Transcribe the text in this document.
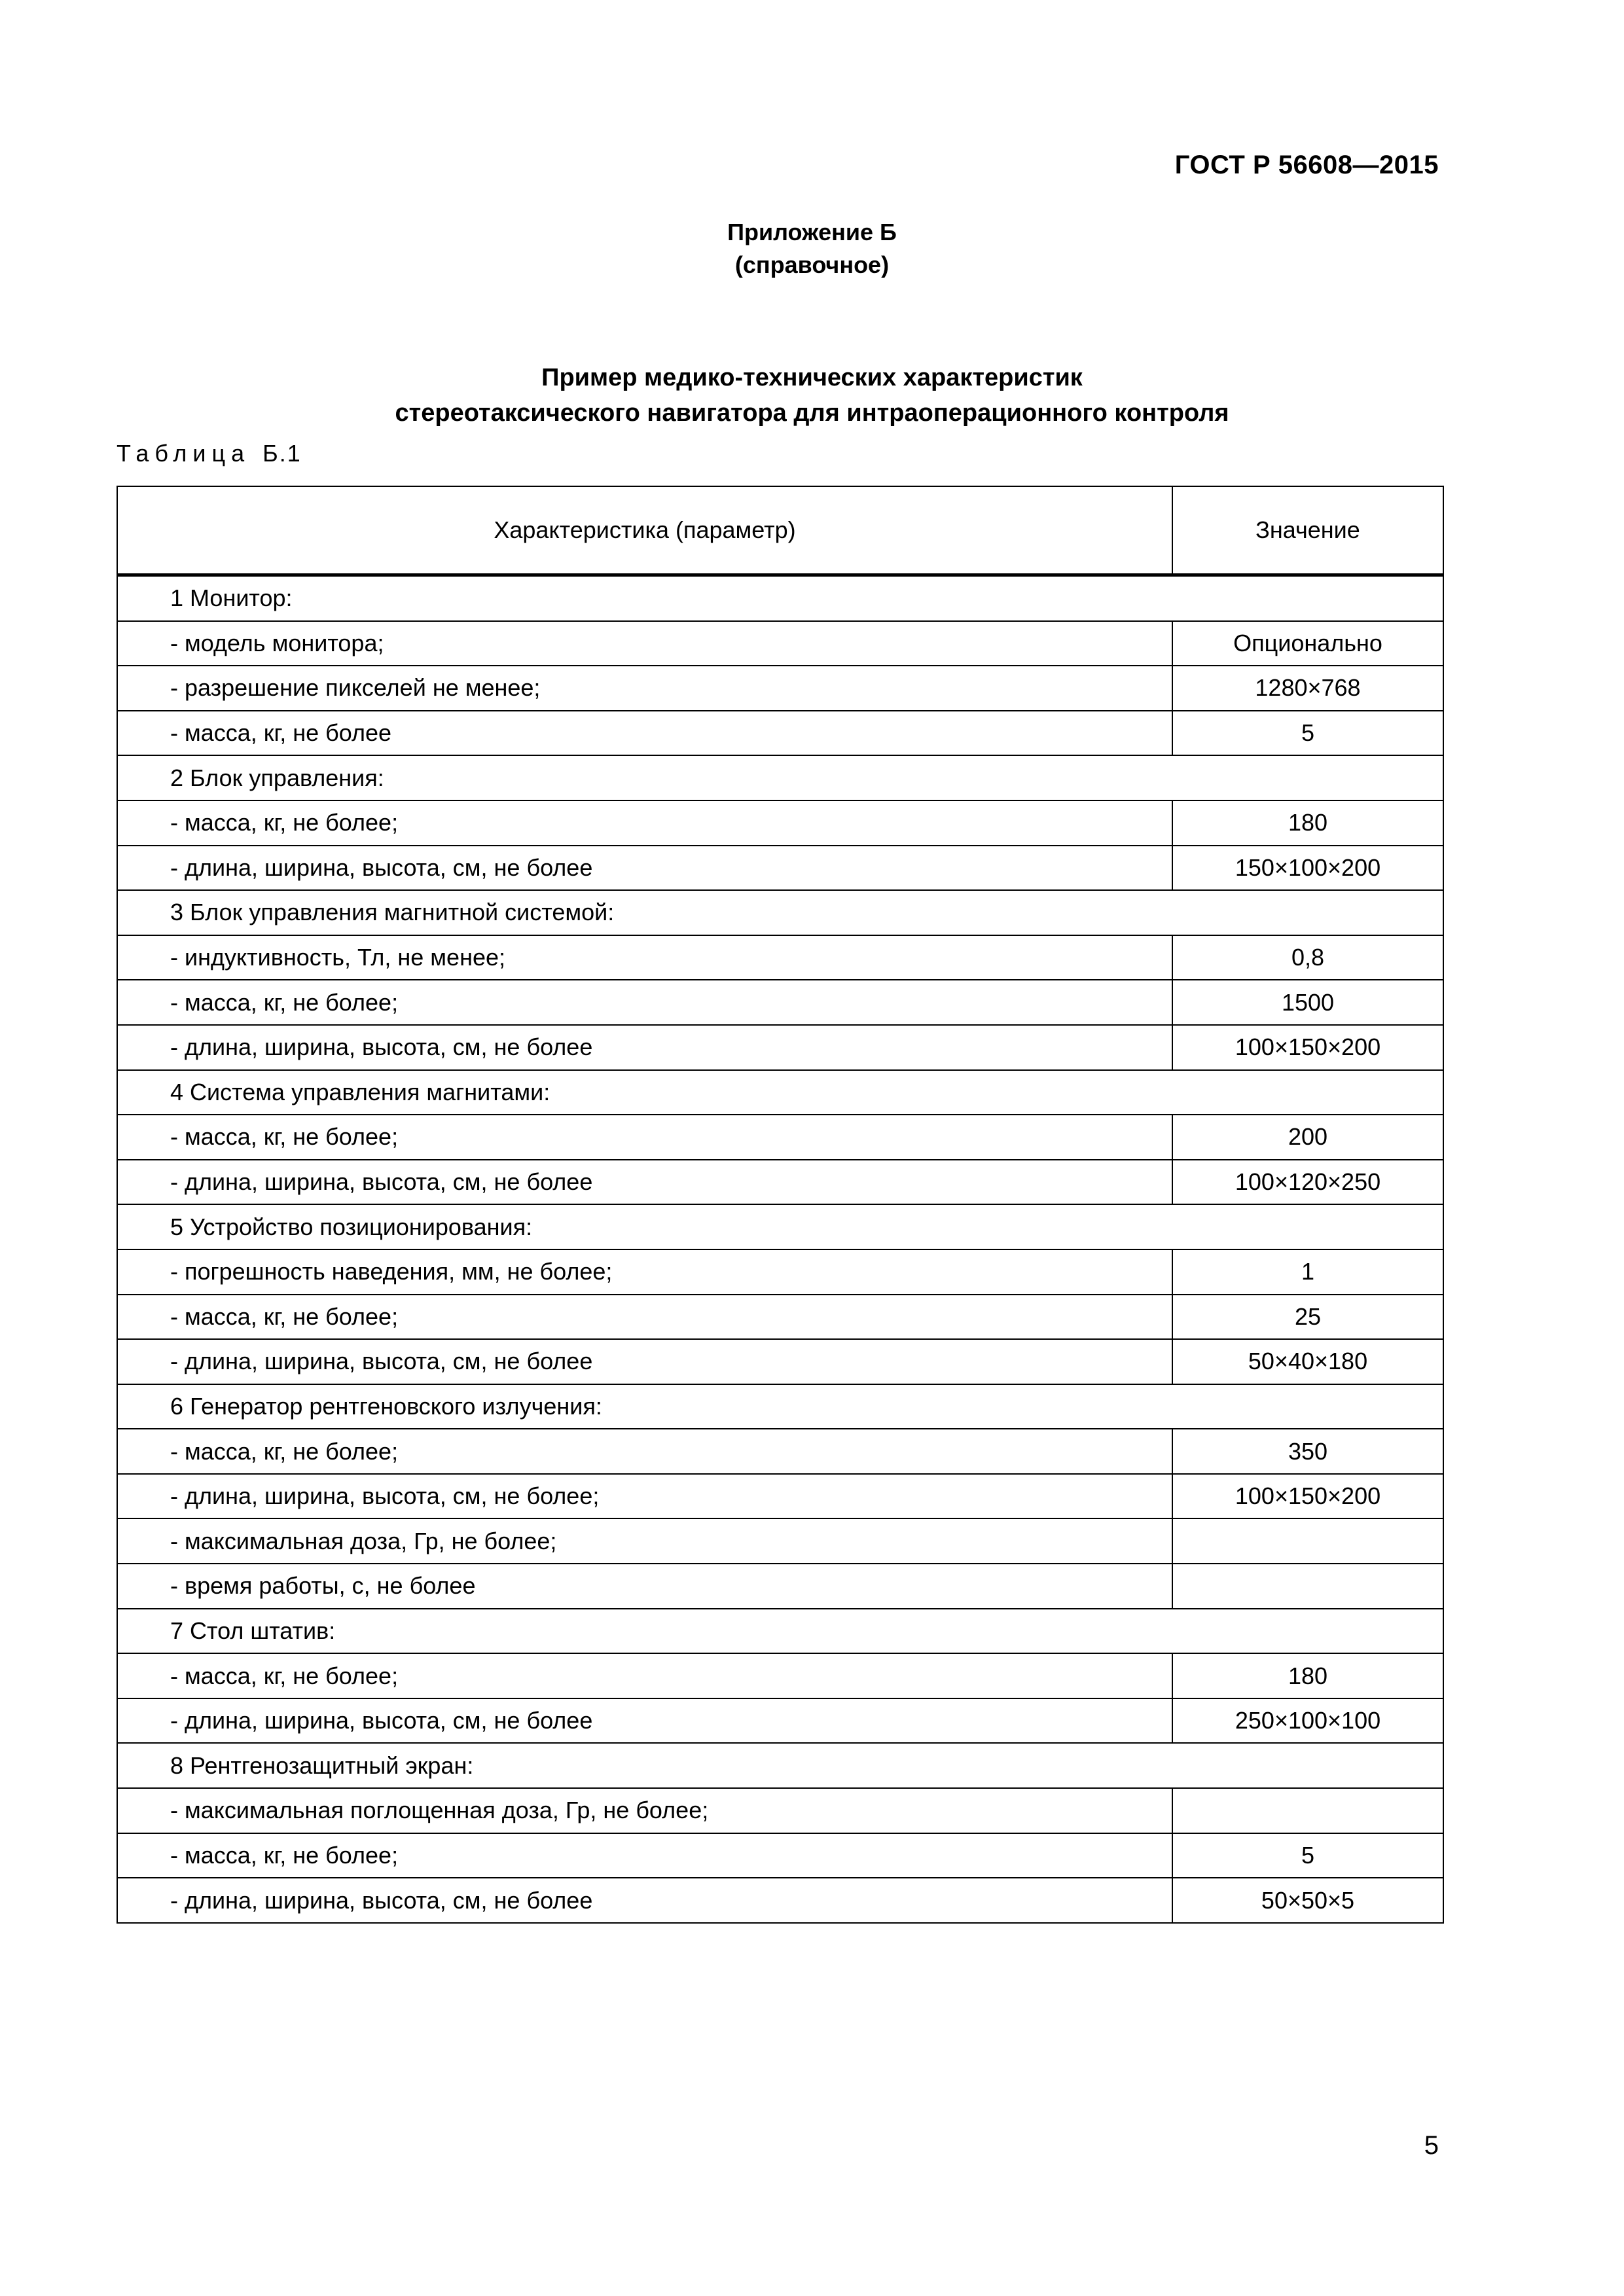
ГОСТ Р 56608—2015
Приложение Б
(справочное)
Пример медико-технических характеристик
стереотаксического навигатора для интраоперационного контроля
Таблица Б.1
Характеристика (параметр)	Значение
1 Монитор:	
- модель монитора;	Опционально
- разрешение пикселей не менее;	1280×768
- масса, кг, не более	5
2 Блок управления:	
- масса, кг, не более;	180
- длина, ширина, высота, см, не более	150×100×200
3 Блок управления магнитной системой:	
- индуктивность, Тл, не менее;	0,8
- масса, кг, не более;	1500
- длина, ширина, высота, см, не более	100×150×200
4 Система управления магнитами:	
- масса, кг, не более;	200
- длина, ширина, высота, см, не более	100×120×250
5 Устройство позиционирования:	
- погрешность наведения, мм, не более;	1
- масса, кг, не более;	25
- длина, ширина, высота, см, не более	50×40×180
6 Генератор рентгеновского излучения:	
- масса, кг, не более;	350
- длина, ширина, высота, см, не более;	100×150×200
- максимальная доза, Гр, не более;	
- время работы, с, не более	
7 Стол штатив:	
- масса, кг, не более;	180
- длина, ширина, высота, см, не более	250×100×100
8 Рентгенозащитный экран:	
- максимальная поглощенная доза, Гр, не более;	
- масса, кг, не более;	5
- длина, ширина, высота, см, не более	50×50×5
5
